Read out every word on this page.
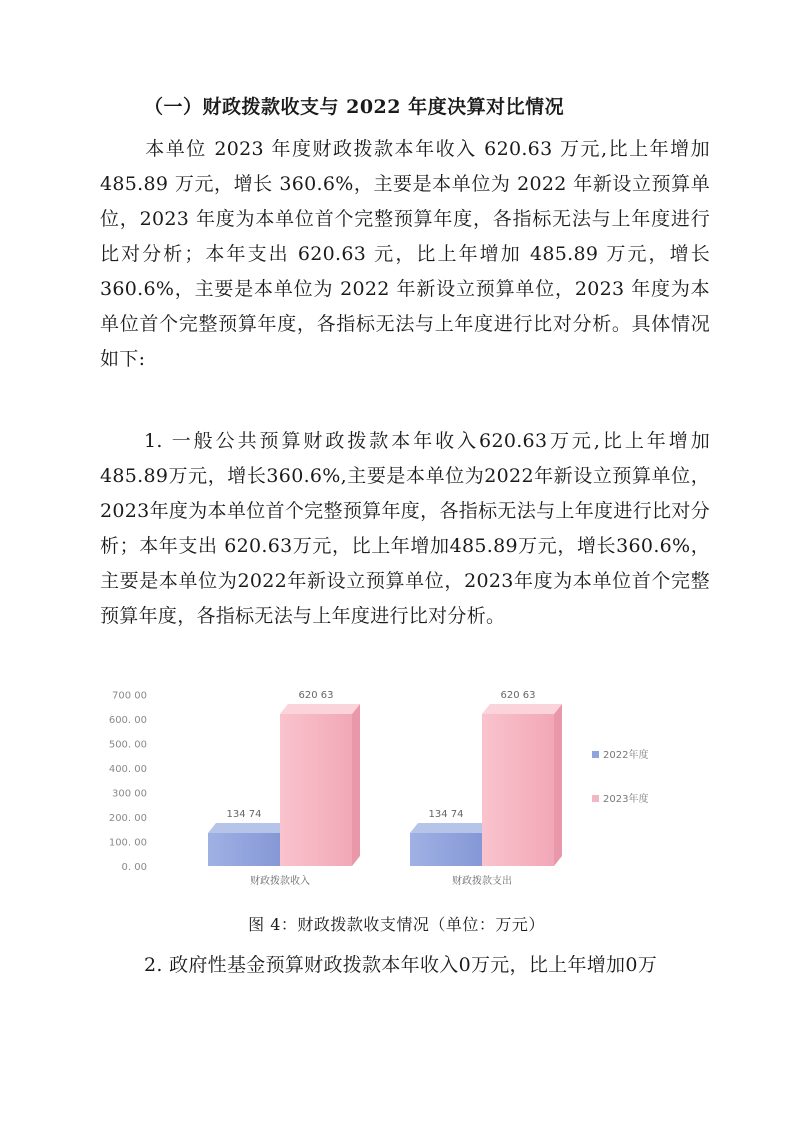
（一）财政拨款收支与 2022 年度决算对比情况

本单位 2023 年度财政拨款本年收入 620.63 万元,比上年增加 485.89 万元，增长 360.6%，主要是本单位为 2022 年新设立预算单位，2023 年度为本单位首个完整预算年度，各指标无法与上年度进行比对分析；本年支出 620.63 元，比上年增加 485.89 万元，增长 360.6%，主要是本单位为 2022 年新设立预算单位，2023 年度为本单位首个完整预算年度，各指标无法与上年度进行比对分析。具体情况如下:

1. 一般公共预算财政拨款本年收入620.63万元,比上年增加485.89万元，增长360.6%,主要是本单位为2022年新设立预算单位，2023年度为本单位首个完整预算年度，各指标无法与上年度进行比对分析；本年支出 620.63万元，比上年增加485.89万元，增长360.6%，主要是本单位为2022年新设立预算单位，2023年度为本单位首个完整预算年度，各指标无法与上年度进行比对分析。

0. 00
100. 00
200. 00
300 00
400. 00
500. 00
600. 00
700 00
134 74
620 63
134 74
620 63
财政拨款收入	财政拨款支出
2022年度
2023年度
图 4：财政拨款收支情况（单位：万元）
2. 政府性基金预算财政拨款本年收入0万元，比上年增加0万
